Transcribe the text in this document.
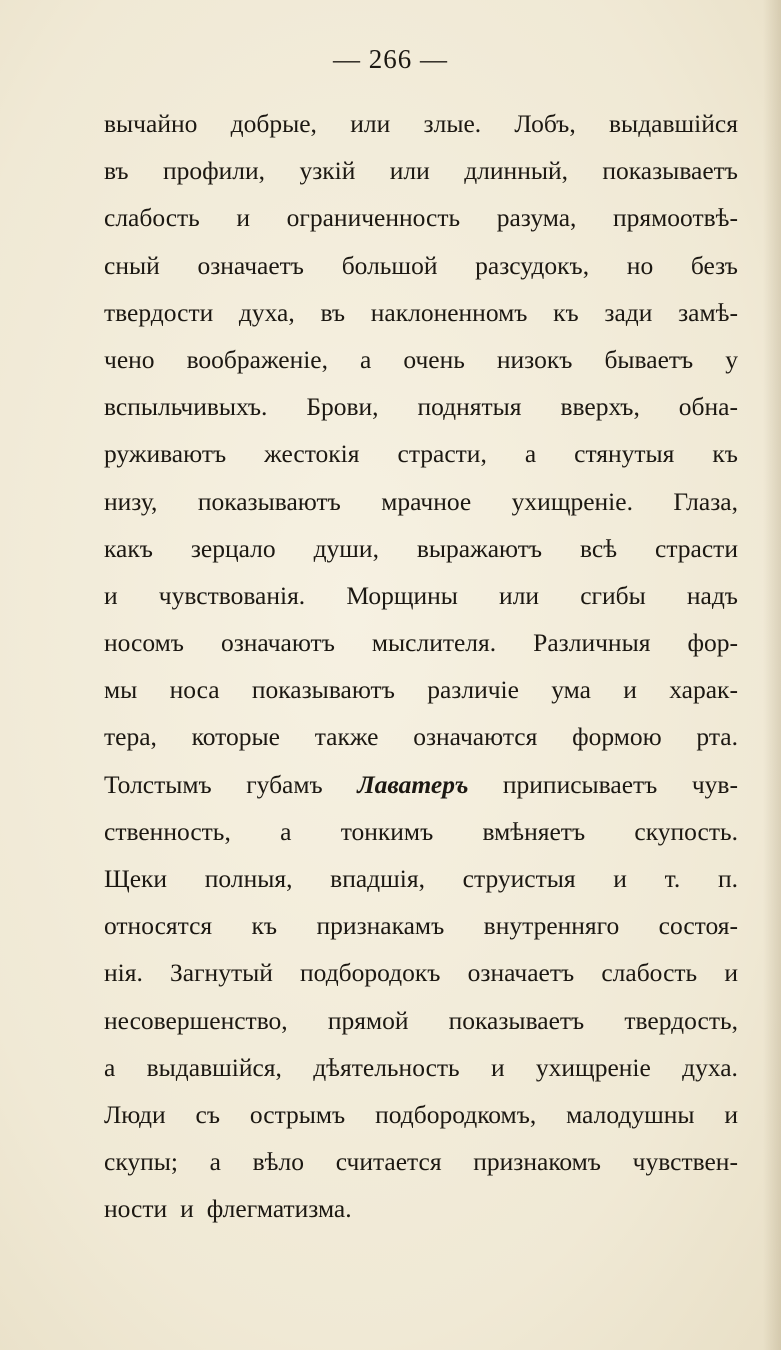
— 266 —
вычайно добрые, или злые. Лобъ, выдавшійся
въ профили, узкій или длинный, показываетъ
слабость и ограниченность разума, прямоотвѣ-
сный означаетъ большой разсудокъ, но безъ
твердости духа, въ наклоненномъ къ зади замѣ-
чено воображеніе, а очень низокъ бываетъ у
вспыльчивыхъ. Брови, поднятыя вверхъ, обна-
руживаютъ жестокія страсти, а стянутыя къ
низу, показываютъ мрачное ухищреніе. Глаза,
какъ зерцало души, выражаютъ всѣ страсти
и чувствованія. Морщины или сгибы надъ
носомъ означаютъ мыслителя. Различныя фор-
мы носа показываютъ различіе ума и харак-
тера, которые также означаются формою рта.
Толстымъ губамъ Лаватеръ приписываетъ чув-
ственность, а тонкимъ вмѣняетъ скупость.
Щеки полныя, впадшія, струистыя и т. п.
относятся къ признакамъ внутренняго состоя-
нія. Загнутый подбородокъ означаетъ слабость и
несовершенство, прямой показываетъ твердость,
а выдавшійся, дѣятельность и ухищреніе духа.
Люди съ острымъ подбородкомъ, малодушны и
скупы; а вѣло считается признакомъ чувствен-
ности и флегматизма.
